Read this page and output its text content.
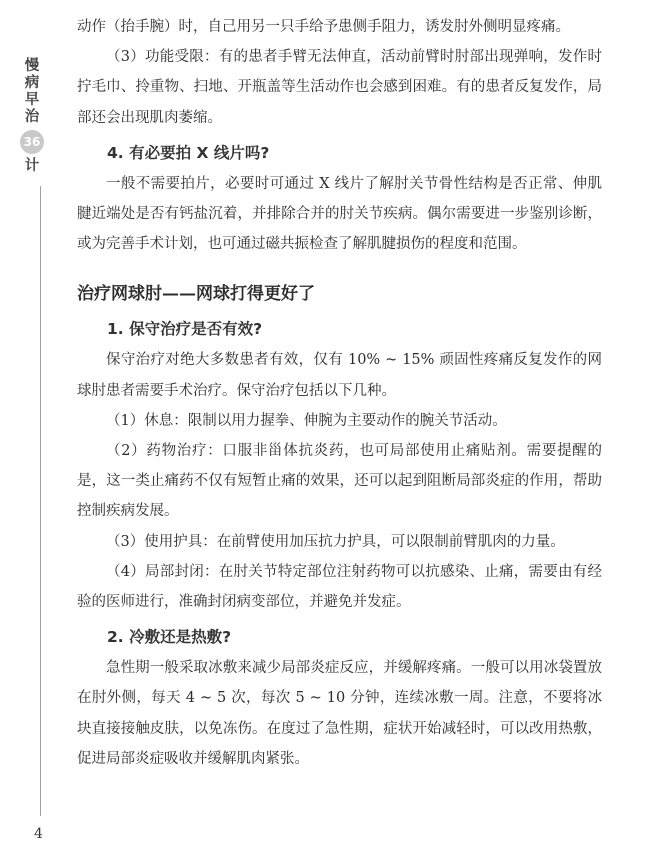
慢
病
早
治
36
计

动作（抬手腕）时，自己用另一只手给予患侧手阻力，诱发肘外侧明显疼痛。

（3）功能受限：有的患者手臂无法伸直，活动前臂时肘部出现弹响，发作时拧毛巾、拎重物、扫地、开瓶盖等生活动作也会感到困难。有的患者反复发作，局部还会出现肌肉萎缩。

4. 有必要拍 X 线片吗?

一般不需要拍片，必要时可通过 X 线片了解肘关节骨性结构是否正常、伸肌腱近端处是否有钙盐沉着，并排除合并的肘关节疾病。偶尔需要进一步鉴别诊断，或为完善手术计划，也可通过磁共振检查了解肌腱损伤的程度和范围。

治疗网球肘——网球打得更好了
1. 保守治疗是否有效?

保守治疗对绝大多数患者有效，仅有 10% ~ 15% 顽固性疼痛反复发作的网球肘患者需要手术治疗。保守治疗包括以下几种。

（1）休息：限制以用力握拳、伸腕为主要动作的腕关节活动。

（2）药物治疗：口服非甾体抗炎药，也可局部使用止痛贴剂。需要提醒的是，这一类止痛药不仅有短暂止痛的效果，还可以起到阻断局部炎症的作用，帮助控制疾病发展。

（3）使用护具：在前臂使用加压抗力护具，可以限制前臂肌肉的力量。

（4）局部封闭：在肘关节特定部位注射药物可以抗感染、止痛，需要由有经验的医师进行，准确封闭病变部位，并避免并发症。

2. 冷敷还是热敷?

急性期一般采取冰敷来减少局部炎症反应，并缓解疼痛。一般可以用冰袋置放在肘外侧，每天 4 ~ 5 次，每次 5 ~ 10 分钟，连续冰敷一周。注意，不要将冰块直接接触皮肤，以免冻伤。在度过了急性期，症状开始减轻时，可以改用热敷，促进局部炎症吸收并缓解肌肉紧张。

4
